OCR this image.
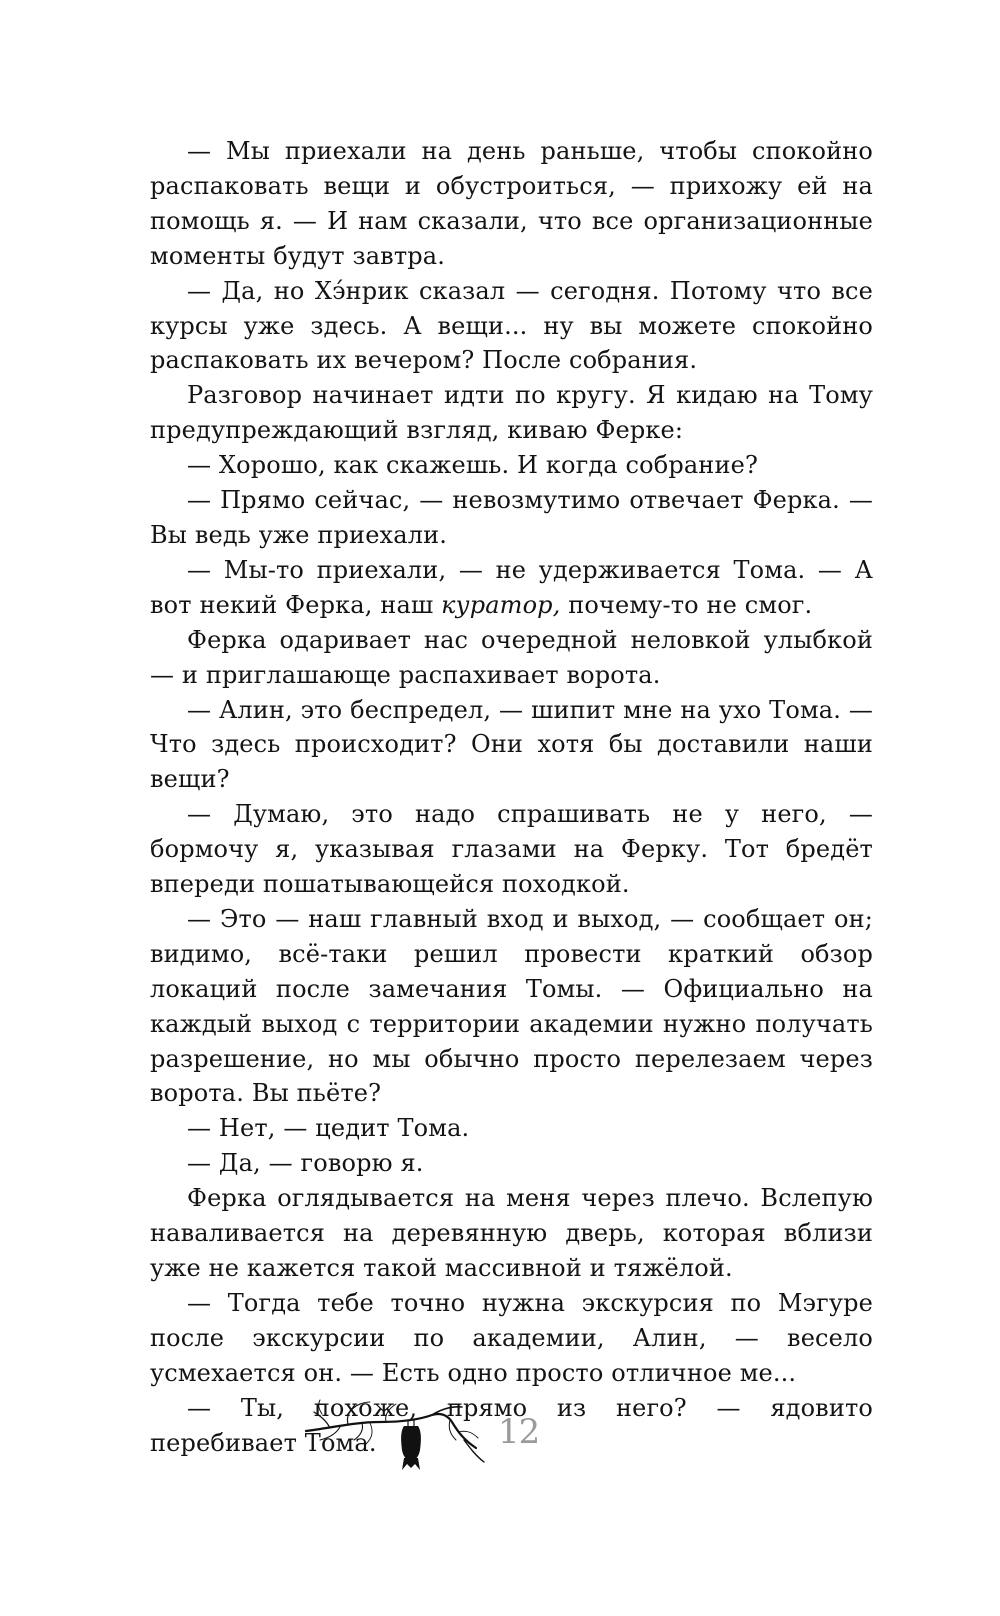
— Мы приехали на день раньше, чтобы спокойно распаковать вещи и обустроиться, — прихожу ей на помощь я. — И нам сказали, что все организационные моменты будут завтра.

— Да, но Хэ́нрик сказал — сегодня. Потому что все курсы уже здесь. А вещи... ну вы можете спокойно распаковать их вечером? После собрания.

Разговор начинает идти по кругу. Я кидаю на Тому предупреждающий взгляд, киваю Ферке:

— Хорошо, как скажешь. И когда собрание?

— Прямо сейчас, — невозмутимо отвечает Ферка. — Вы ведь уже приехали.

— Мы-то приехали, — не удерживается Тома. — А вот некий Ферка, наш куратор, почему-то не смог.

Ферка одаривает нас очередной неловкой улыбкой — и приглашающе распахивает ворота.

— Алин, это беспредел, — шипит мне на ухо Тома. — Что здесь происходит? Они хотя бы доставили наши вещи?

— Думаю, это надо спрашивать не у него, — бормочу я, указывая глазами на Ферку. Тот бредёт впереди пошатывающейся походкой.

— Это — наш главный вход и выход, — сообщает он; видимо, всё-таки решил провести краткий обзор локаций после замечания Томы. — Официально на каждый выход с территории академии нужно получать разрешение, но мы обычно просто перелезаем через ворота. Вы пьёте?

— Нет, — цедит Тома.

— Да, — говорю я.

Ферка оглядывается на меня через плечо. Вслепую наваливается на деревянную дверь, которая вблизи уже не кажется такой массивной и тяжёлой.

— Тогда тебе точно нужна экскурсия по Мэгуре после экскурсии по академии, Алин, — весело усмехается он. — Есть одно просто отличное ме...

— Ты, похоже, прямо из него? — ядовито перебивает Тома.	12
